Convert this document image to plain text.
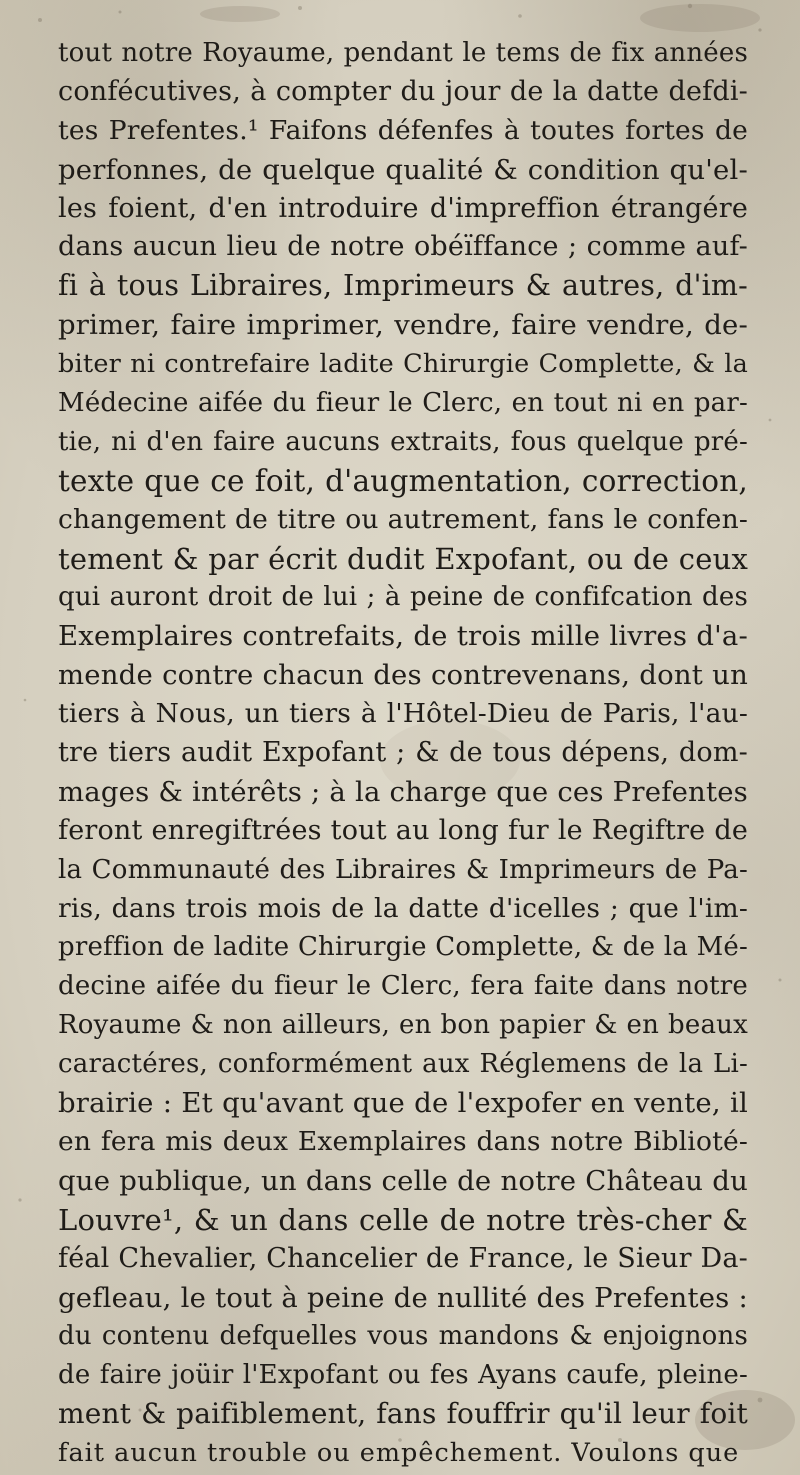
tout notre Royaume, pendant le tems de fix années
confécutives, à compter du jour de la datte defdi-
tes Prefentes.¹ Faifons défenfes à toutes fortes de
perfonnes, de quelque qualité & condition qu'el-
les foient, d'en introduire d'impreffion étrangére
dans aucun lieu de notre obéïffance ; comme auf-
fi à tous Libraires, Imprimeurs & autres, d'im-
primer, faire imprimer, vendre, faire vendre, de-
biter ni contrefaire ladite Chirurgie Complette, & la
Médecine aifée du fieur le Clerc, en tout ni en par-
tie, ni d'en faire aucuns extraits, fous quelque pré-
texte que ce foit, d'augmentation, correction,
changement de titre ou autrement, fans le confen-
tement & par écrit dudit Expofant, ou de ceux
qui auront droit de lui ; à peine de confifcation des
Exemplaires contrefaits, de trois mille livres d'a-
mende contre chacun des contrevenans, dont un
tiers à Nous, un tiers à l'Hôtel-Dieu de Paris, l'au-
tre tiers audit Expofant ; & de tous dépens, dom-
mages & intérêts ; à la charge que ces Prefentes
feront enregiftrées tout au long fur le Regiftre de
la Communauté des Libraires & Imprimeurs de Pa-
ris, dans trois mois de la datte d'icelles ; que l'im-
preffion de ladite Chirurgie Complette, & de la Mé-
decine aifée du fieur le Clerc, fera faite dans notre
Royaume & non ailleurs, en bon papier & en beaux
caractéres, conformément aux Réglemens de la Li-
brairie : Et qu'avant que de l'expofer en vente, il
en fera mis deux Exemplaires dans notre Biblioté-
que publique, un dans celle de notre Château du
Louvre¹, & un dans celle de notre très-cher &
féal Chevalier, Chancelier de France, le Sieur Da-
gefleau, le tout à peine de nullité des Prefentes :
du contenu defquelles vous mandons & enjoignons
de faire joüir l'Expofant ou fes Ayans caufe, pleine-
ment & paifiblement, fans fouffrir qu'il leur foit
fait aucun trouble ou empêchement. Voulons que
